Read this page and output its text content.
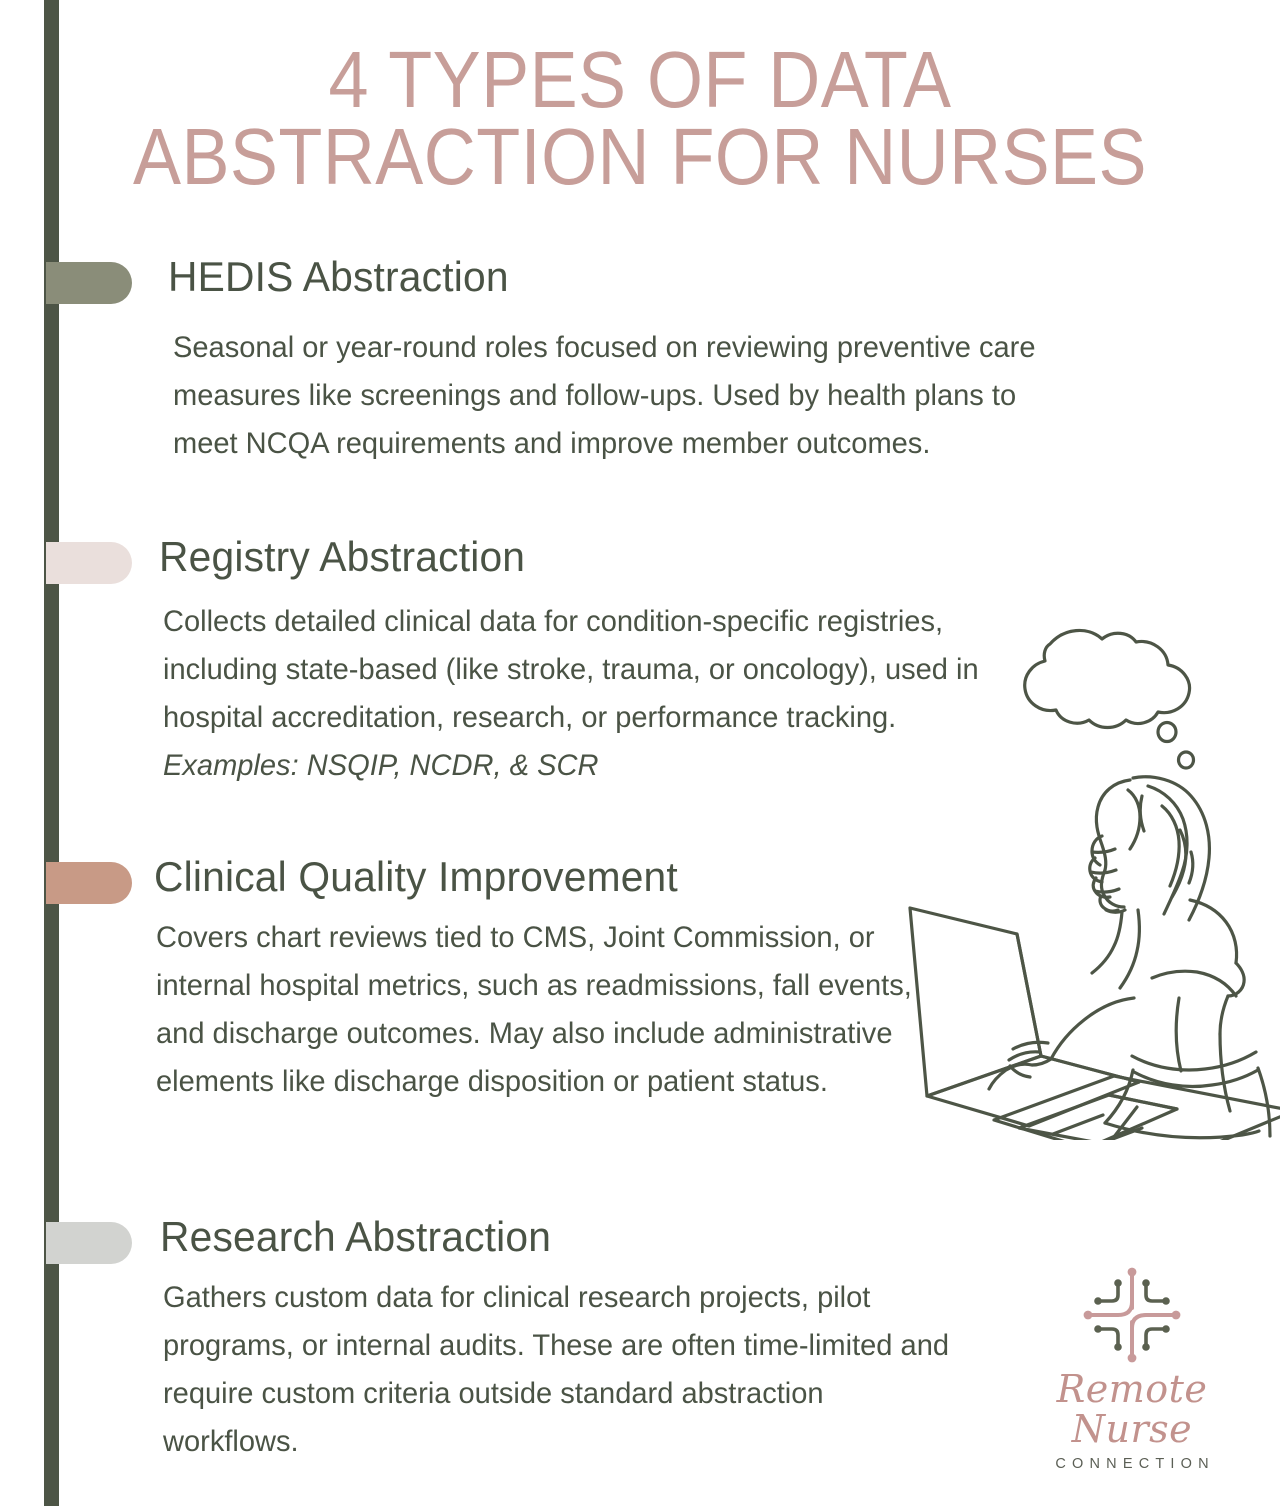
4 TYPES OF DATA
ABSTRACTION FOR NURSES
HEDIS Abstraction
Seasonal or year-round roles focused on reviewing preventive care measures like screenings and follow-ups. Used by health plans to meet NCQA requirements and improve member outcomes.
Registry Abstraction
Collects detailed clinical data for condition-specific registries, including state-based (like stroke, trauma, or oncology), used in hospital accreditation, research, or performance tracking. Examples: NSQIP, NCDR, & SCR
Clinical Quality Improvement
Covers chart reviews tied to CMS, Joint Commission, or internal hospital metrics, such as readmissions, fall events, and discharge outcomes. May also include administrative elements like discharge disposition or patient status.
Research Abstraction
Gathers custom data for clinical research projects, pilot programs, or internal audits. These are often time-limited and require custom criteria outside standard abstraction workflows.
Remote Nurse
CONNECTION
